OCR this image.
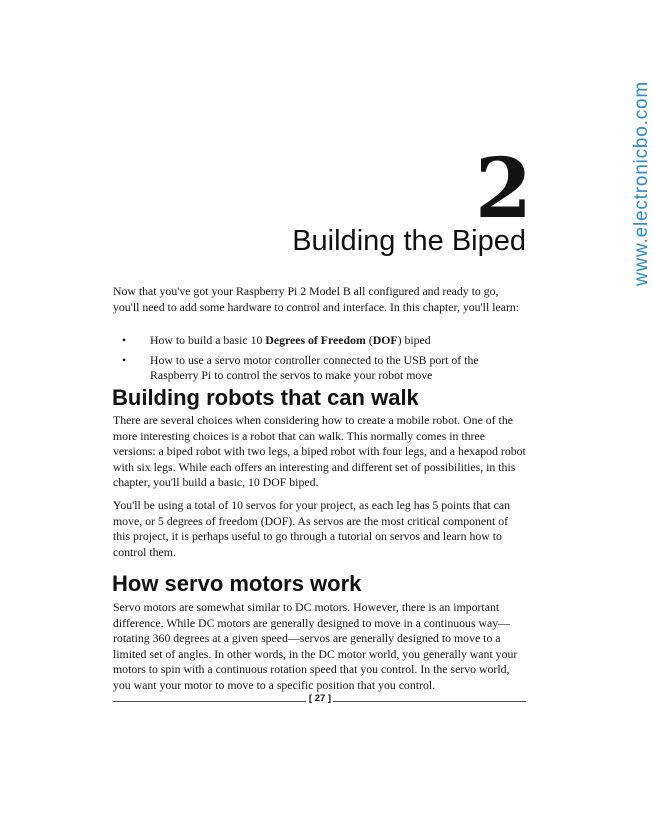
2
Building the Biped

Now that you've got your Raspberry Pi 2 Model B all configured and ready to go, you'll need to add some hardware to control and interface. In this chapter, you'll learn:

• How to build a basic 10 Degrees of Freedom (DOF) biped
• How to use a servo motor controller connected to the USB port of the Raspberry Pi to control the servos to make your robot move
Building robots that can walk

There are several choices when considering how to create a mobile robot. One of the more interesting choices is a robot that can walk. This normally comes in three versions: a biped robot with two legs, a biped robot with four legs, and a hexapod robot with six legs. While each offers an interesting and different set of possibilities, in this chapter, you'll build a basic, 10 DOF biped.

You'll be using a total of 10 servos for your project, as each leg has 5 points that can move, or 5 degrees of freedom (DOF). As servos are the most critical component of this project, it is perhaps useful to go through a tutorial on servos and learn how to control them.

How servo motors work

Servo motors are somewhat similar to DC motors. However, there is an important difference. While DC motors are generally designed to move in a continuous way—rotating 360 degrees at a given speed—servos are generally designed to move to a limited set of angles. In other words, in the DC motor world, you generally want your motors to spin with a continuous rotation speed that you control. In the servo world, you want your motor to move to a specific position that you control.

[ 27 ]
www.electronicbo.com
